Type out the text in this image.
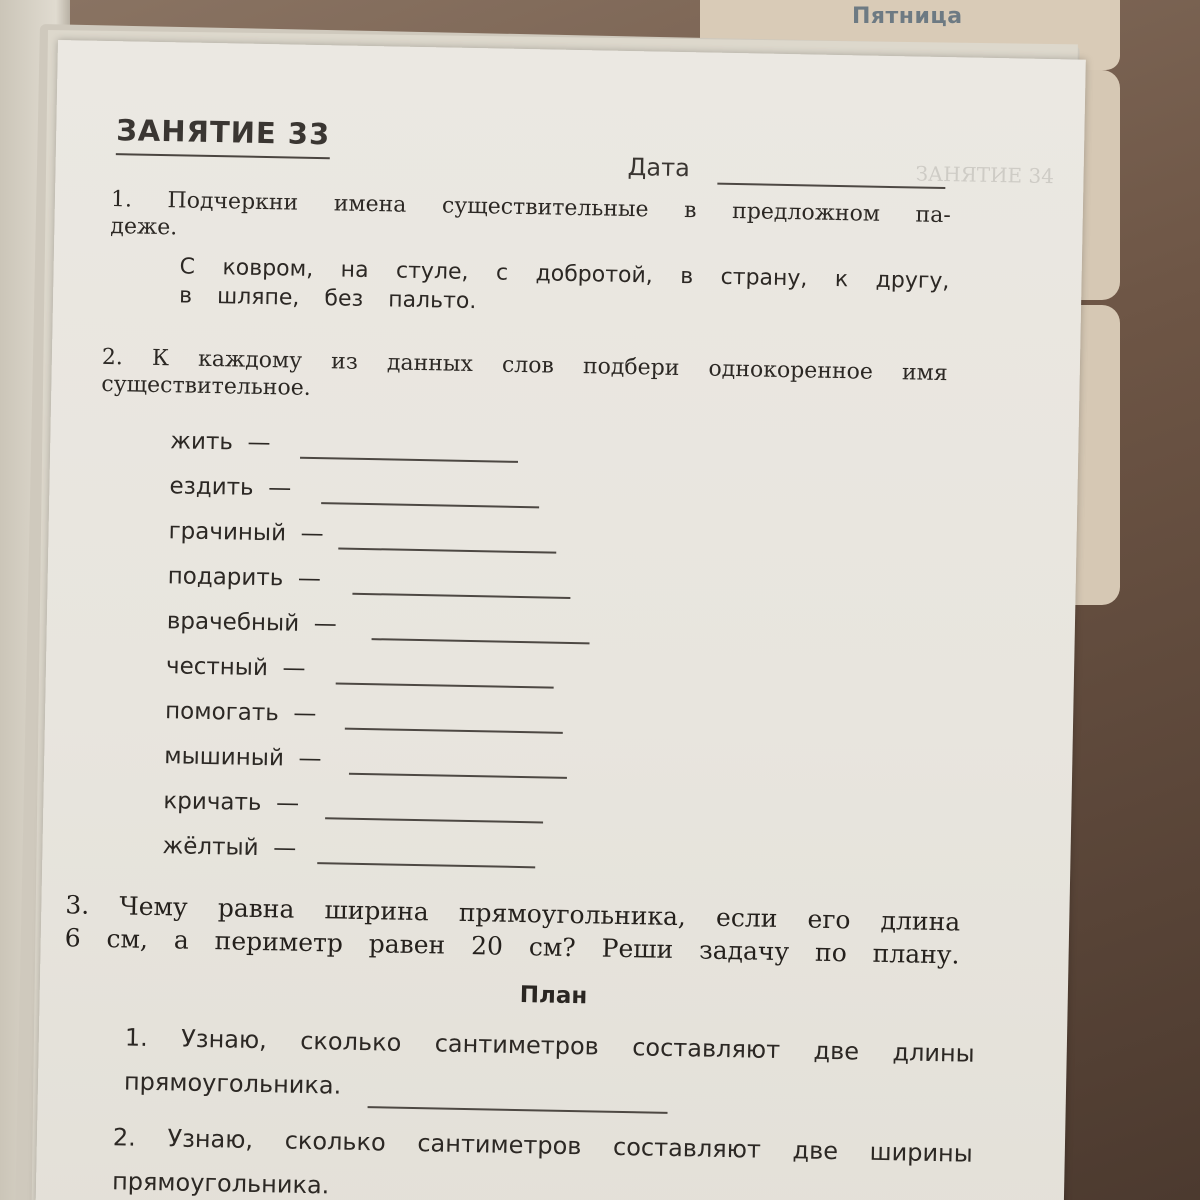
Пятница
ЗАНЯТИЕ 34
ЗАНЯТИЕ 33
Дата
1. Подчеркни имена существительные в предложном па-
деже.
С ковром, на стуле, с добротой, в страну, к другу,
в шляпе, без пальто.
2. К каждому из данных слов подбери однокоренное имя
существительное.
жить —
ездить —
грачиный —
подарить —
врачебный —
честный —
помогать —
мышиный —
кричать —
жёлтый —
3. Чему равна ширина прямоугольника, если его длина
6 см, а периметр равен 20 см? Реши задачу по плану.
План
1. Узнаю, сколько сантиметров составляют две длины
прямоугольника.
2. Узнаю, сколько сантиметров составляют две ширины
прямоугольника.
